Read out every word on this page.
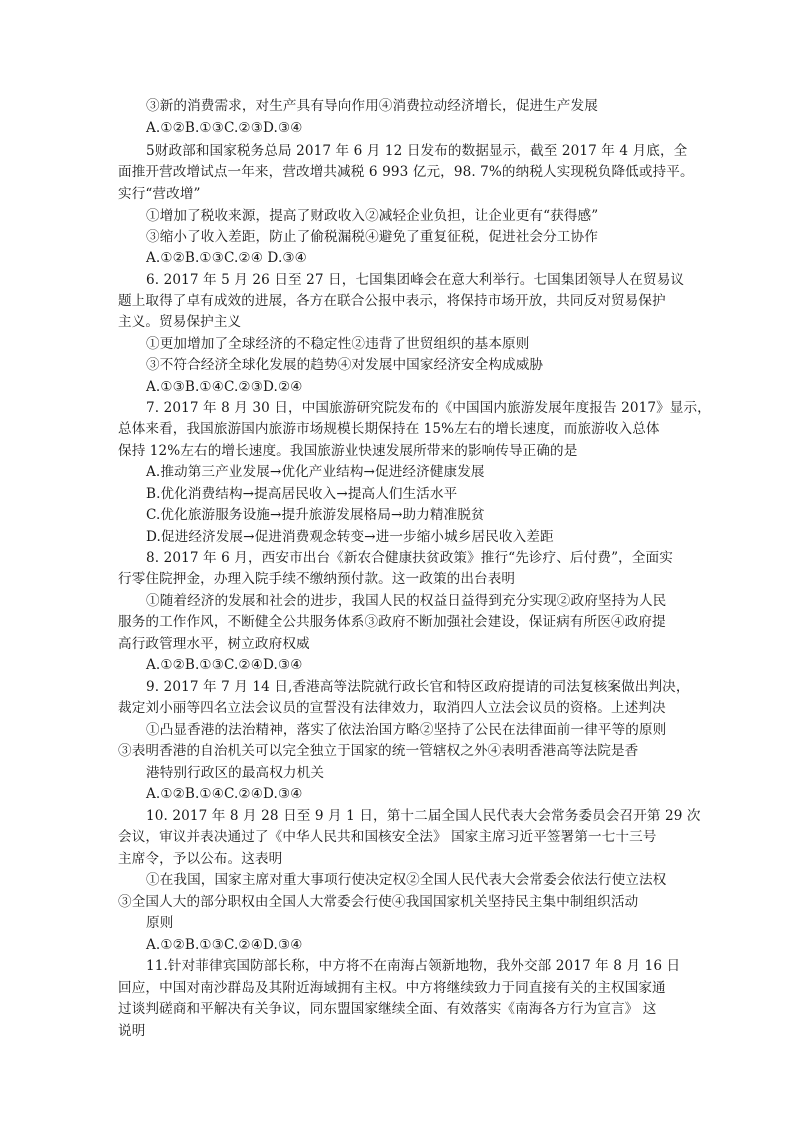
③新的消费需求，对生产具有导向作用④消费拉动经济增长，促进生产发展
A.①②B.①③C.②③D.③④
5财政部和国家税务总局 2017 年 6 月 12 日发布的数据显示，截至 2017 年 4 月底，全
面推开营改增试点一年来，营改增共减税 6 993 亿元，98. 7%的纳税人实现税负降低或持平。
实行“营改增”
①增加了税收来源，提高了财政收入②减轻企业负担，让企业更有“获得感”
③缩小了收入差距，防止了偷税漏税④避免了重复征税，促进社会分工协作
A.①②B.①③C.②④ D.③④
6. 2017 年 5 月 26 日至 27 日，七国集团峰会在意大利举行。七国集团领导人在贸易议
题上取得了卓有成效的进展，各方在联合公报中表示，将保持市场开放，共同反对贸易保护
主义。贸易保护主义
①更加增加了全球经济的不稳定性②违背了世贸组织的基本原则
③不符合经济全球化发展的趋势④对发展中国家经济安全构成威胁
A.①③B.①④C.②③D.②④
7. 2017 年 8 月 30 日，中国旅游研究院发布的《中国国内旅游发展年度报告 2017》显示，
总体来看，我国旅游国内旅游市场规模长期保持在 15%左右的增长速度，而旅游收入总体
保持 12%左右的增长速度。我国旅游业快速发展所带来的影响传导正确的是
A.推动第三产业发展→优化产业结构→促进经济健康发展
B.优化消费结构→提高居民收入→提高人们生活水平
C.优化旅游服务设施→提升旅游发展格局→助力精准脱贫
D.促进经济发展→促进消费观念转变→进一步缩小城乡居民收入差距
8. 2017 年 6 月，西安市出台《新农合健康扶贫政策》推行“先诊疗、后付费”，全面实
行零住院押金，办理入院手续不缴纳预付款。这一政策的出台表明
①随着经济的发展和社会的进步，我国人民的权益日益得到充分实现②政府坚持为人民
服务的工作作风，不断健全公共服务体系③政府不断加强社会建设，保证病有所医④政府提
高行政管理水平，树立政府权威
A.①②B.①③C.②④D.③④
9. 2017 年 7 月 14 日,香港高等法院就行政长官和特区政府提请的司法复核案做出判决，
裁定刘小丽等四名立法会议员的宣誓没有法律效力，取消四人立法会议员的资格。上述判决
①凸显香港的法治精神，落实了依法治国方略②坚持了公民在法律面前一律平等的原则
③表明香港的自治机关可以完全独立于国家的统一管辖权之外④表明香港高等法院是香
港特别行政区的最高权力机关
A.①②B.①④C.②④D.③④
10. 2017 年 8 月 28 日至 9 月 1 日，第十二届全国人民代表大会常务委员会召开第 29 次
会议，审议并表决通过了《中华人民共和国核安全法》 国家主席习近平签署第一七十三号
主席令，予以公布。这表明
①在我国，国家主席对重大事项行使决定权②全国人民代表大会常委会依法行使立法权
③全国人大的部分职权由全国人大常委会行使④我国国家机关坚持民主集中制组织活动
原则
A.①②B.①③C.②④D.③④
11.针对菲律宾国防部长称，中方将不在南海占领新地物，我外交部 2017 年 8 月 16 日
回应，中国对南沙群岛及其附近海域拥有主权。中方将继续致力于同直接有关的主权国家通
过谈判磋商和平解决有关争议，同东盟国家继续全面、有效落实《南海各方行为宣言》 这
说明
